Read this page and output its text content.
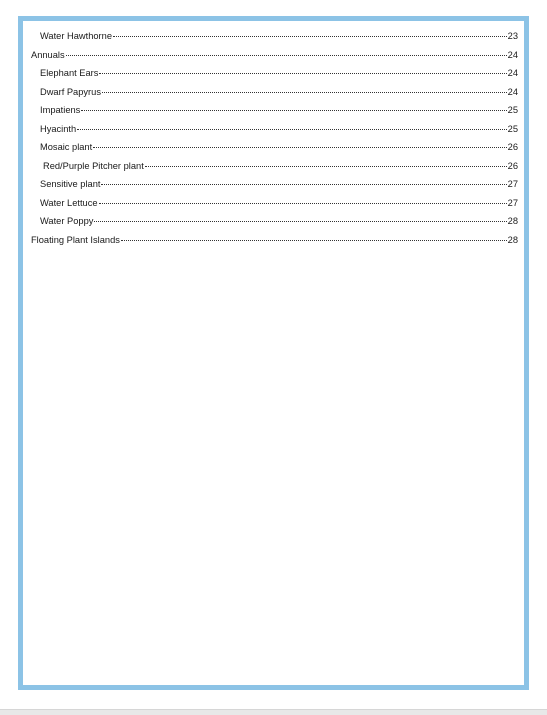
Water Hawthorne	23
Annuals	24
Elephant Ears	24
Dwarf Papyrus	24
Impatiens	25
Hyacinth	25
Mosaic plant	26
Red/Purple Pitcher plant	26
Sensitive plant	27
Water Lettuce	27
Water Poppy	28
Floating Plant Islands	28
